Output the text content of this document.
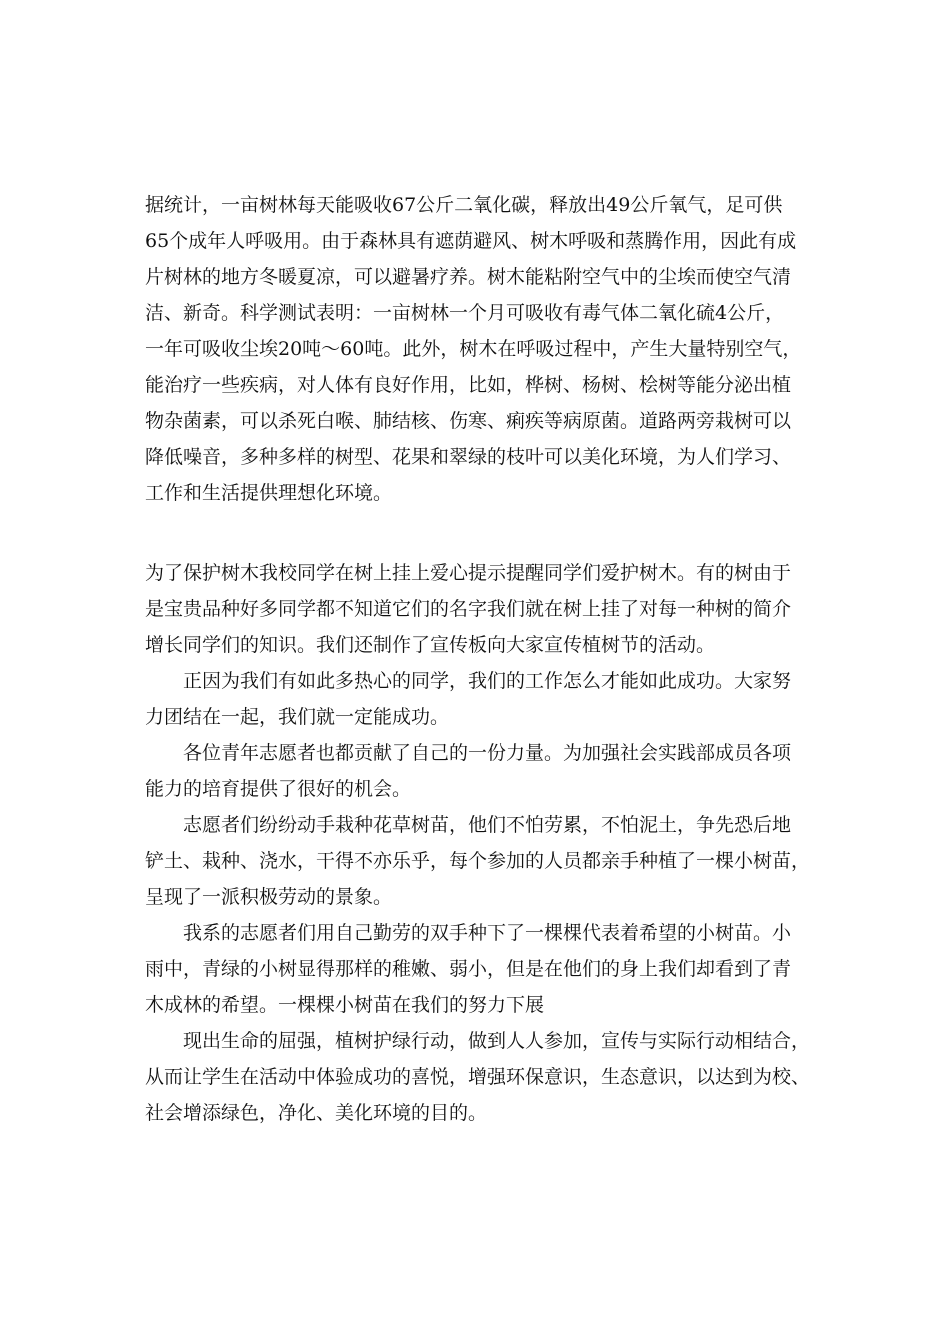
据统计，一亩树林每天能吸收67公斤二氧化碳，释放出49公斤氧气，足可供
65个成年人呼吸用。由于森林具有遮荫避风、树木呼吸和蒸腾作用，因此有成
片树林的地方冬暖夏凉，可以避暑疗养。树木能粘附空气中的尘埃而使空气清
洁、新奇。科学测试表明：一亩树林一个月可吸收有毒气体二氧化硫4公斤，
一年可吸收尘埃20吨～60吨。此外，树木在呼吸过程中，产生大量特别空气，
能治疗一些疾病，对人体有良好作用，比如，桦树、杨树、桧树等能分泌出植
物杂菌素，可以杀死白喉、肺结核、伤寒、痢疾等病原菌。道路两旁栽树可以
降低噪音，多种多样的树型、花果和翠绿的枝叶可以美化环境，为人们学习、
工作和生活提供理想化环境。
为了保护树木我校同学在树上挂上爱心提示提醒同学们爱护树木。有的树由于
是宝贵品种好多同学都不知道它们的名字我们就在树上挂了对每一种树的简介
增长同学们的知识。我们还制作了宣传板向大家宣传植树节的活动。
正因为我们有如此多热心的同学，我们的工作怎么才能如此成功。大家努
力团结在一起，我们就一定能成功。
各位青年志愿者也都贡献了自己的一份力量。为加强社会实践部成员各项
能力的培育提供了很好的机会。
志愿者们纷纷动手栽种花草树苗，他们不怕劳累，不怕泥土，争先恐后地
铲土、栽种、浇水，干得不亦乐乎，每个参加的人员都亲手种植了一棵小树苗，
呈现了一派积极劳动的景象。
我系的志愿者们用自己勤劳的双手种下了一棵棵代表着希望的小树苗。小
雨中，青绿的小树显得那样的稚嫩、弱小，但是在他们的身上我们却看到了青
木成林的希望。一棵棵小树苗在我们的努力下展
现出生命的屈强，植树护绿行动，做到人人参加，宣传与实际行动相结合，
从而让学生在活动中体验成功的喜悦，增强环保意识，生态意识，以达到为校、
社会增添绿色，净化、美化环境的目的。
